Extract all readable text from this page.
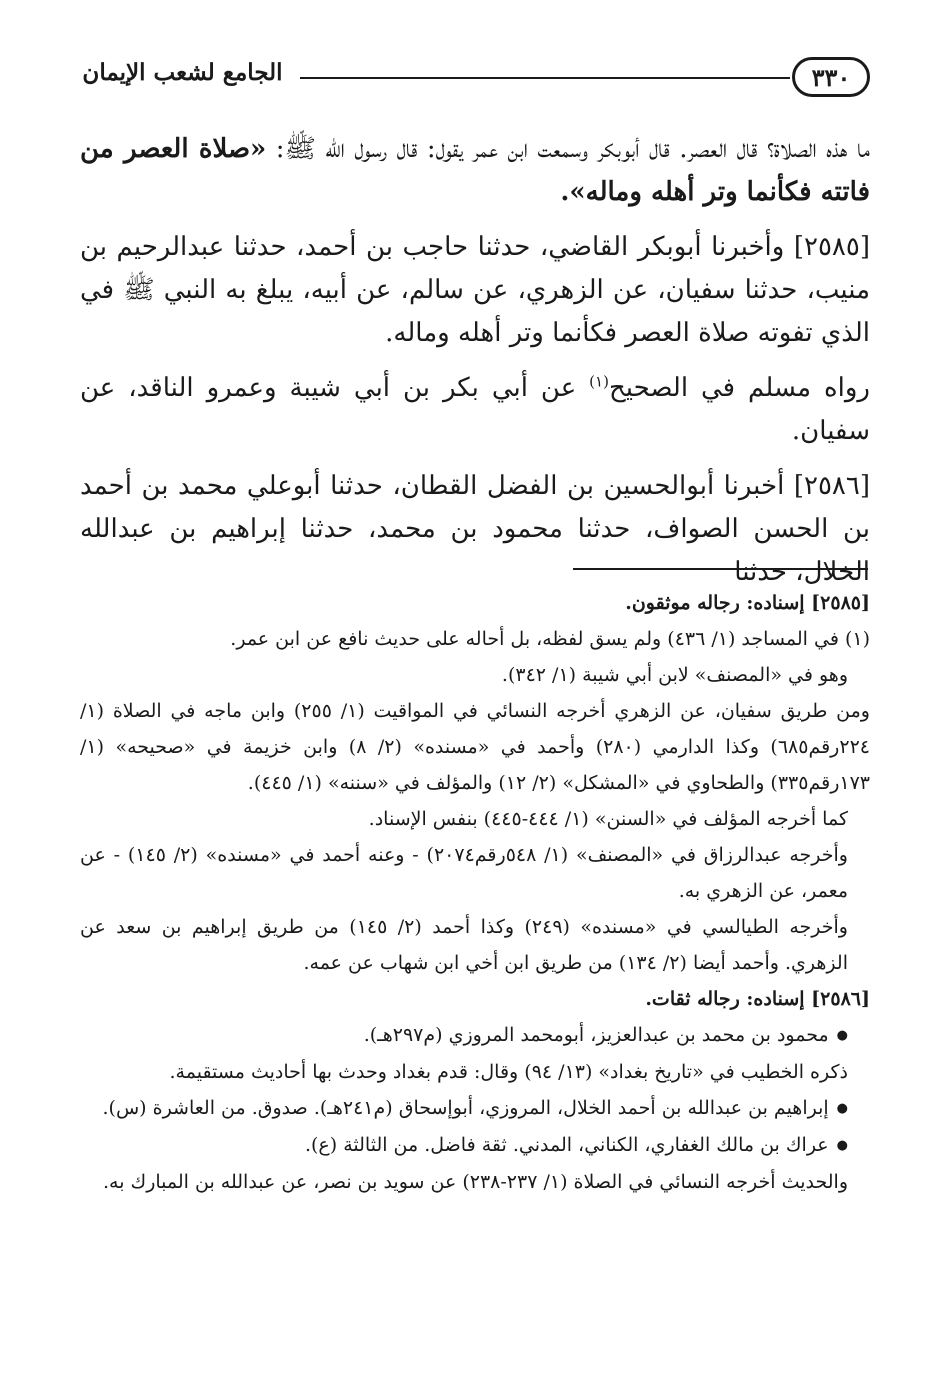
٣٣٠
الجامع لشعب الإيمان

ما هذه الصلاة؟ قال العصر. قال أبوبكر وسمعت ابن عمر يقول: قال رسول الله ﷺ: «صلاة العصر من فاتته فكأنما وتر أهله وماله».

[٢٥٨٥] وأخبرنا أبوبكر القاضي، حدثنا حاجب بن أحمد، حدثنا عبدالرحيم بن منيب، حدثنا سفيان، عن الزهري، عن سالم، عن أبيه، يبلغ به النبي ﷺ في الذي تفوته صلاة العصر فكأنما وتر أهله وماله.

رواه مسلم في الصحيح$^{(١)}$ عن أبي بكر بن أبي شيبة وعمرو الناقد، عن سفيان.

[٢٥٨٦] أخبرنا أبوالحسين بن الفضل القطان، حدثنا أبوعلي محمد بن أحمد بن الحسن الصواف، حدثنا محمود بن محمد، حدثنا إبراهيم بن عبدالله الخلال، حدثنا

[٢٥٨٥] إسناده: رجاله موثقون.

(١) في المساجد (١/ ٤٣٦) ولم يسق لفظه، بل أحاله على حديث نافع عن ابن عمر.

وهو في «المصنف» لابن أبي شيبة (١/ ٣٤٢).

ومن طريق سفيان، عن الزهري أخرجه النسائي في المواقيت (١/ ٢٥٥) وابن ماجه في الصلاة (١/ ٢٢٤رقم٦٨٥) وكذا الدارمي (٢٨٠) وأحمد في «مسنده» (٢/ ٨) وابن خزيمة في «صحيحه» (١/ ١٧٣رقم٣٣٥) والطحاوي في «المشكل» (٢/ ١٢) والمؤلف في «سننه» (١/ ٤٤٥).

كما أخرجه المؤلف في «السنن» (١/ ٤٤٤-٤٤٥) بنفس الإسناد.

وأخرجه عبدالرزاق في «المصنف» (١/ ٥٤٨رقم٢٠٧٤) - وعنه أحمد في «مسنده» (٢/ ١٤٥) - عن معمر، عن الزهري به.

وأخرجه الطيالسي في «مسنده» (٢٤٩) وكذا أحمد (٢/ ١٤٥) من طريق إبراهيم بن سعد عن الزهري. وأحمد أيضا (٢/ ١٣٤) من طريق ابن أخي ابن شهاب عن عمه.

[٢٥٨٦] إسناده: رجاله ثقات.

● محمود بن محمد بن عبدالعزيز، أبومحمد المروزي (م٢٩٧هـ).

ذكره الخطيب في «تاريخ بغداد» (١٣/ ٩٤) وقال: قدم بغداد وحدث بها أحاديث مستقيمة.

● إبراهيم بن عبدالله بن أحمد الخلال، المروزي، أبوإسحاق (م٢٤١هـ). صدوق. من العاشرة (س).

● عراك بن مالك الغفاري، الكناني، المدني. ثقة فاضل. من الثالثة (ع).

والحديث أخرجه النسائي في الصلاة (١/ ٢٣٧-٢٣٨) عن سويد بن نصر، عن عبدالله بن المبارك به.
